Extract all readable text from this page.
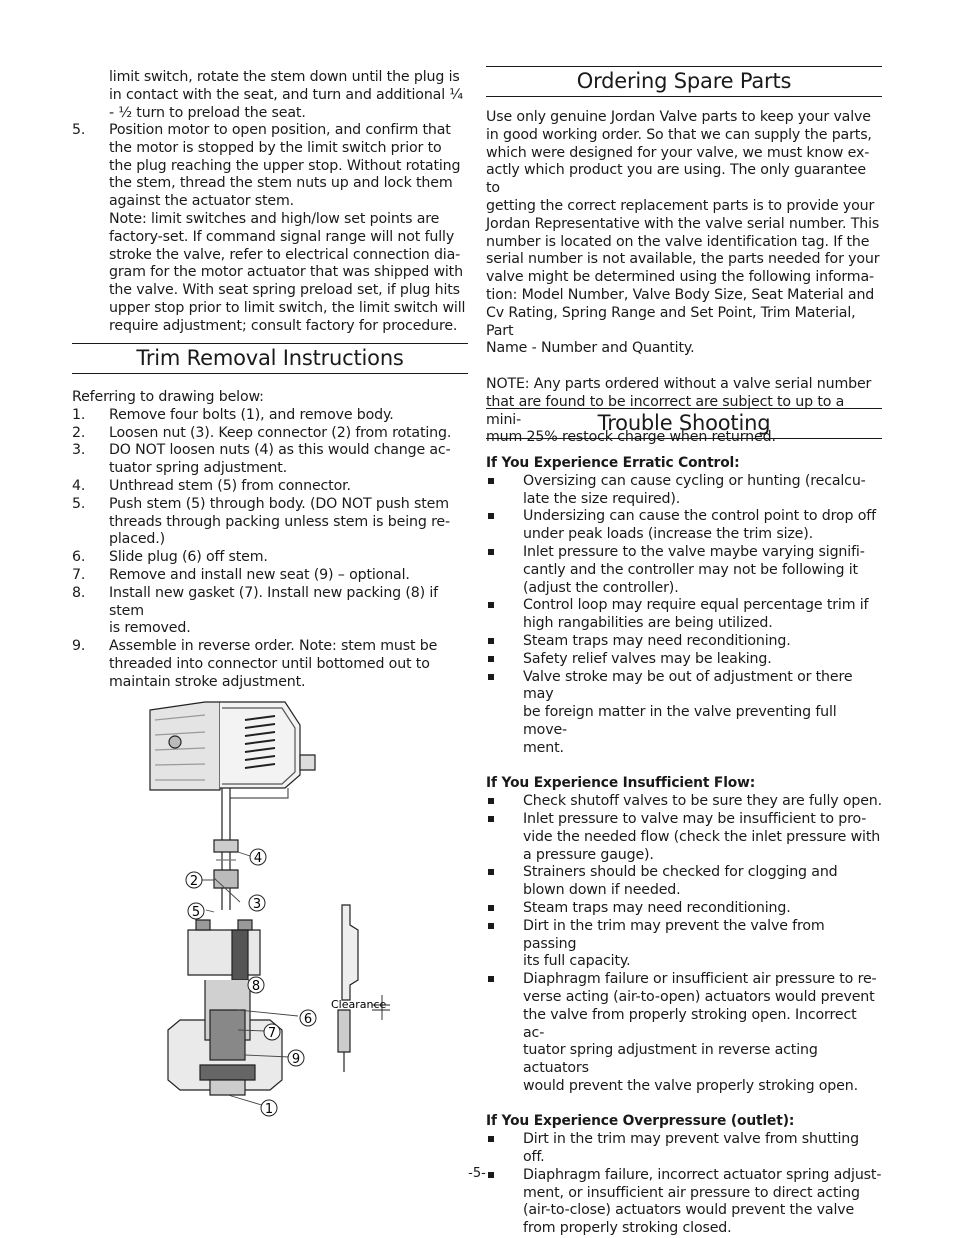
limit switch, rotate the stem down until the plug is in contact with the seat, and turn and additional ¼ - ½ turn to preload the seat.
5. Position motor to open position, and confirm that
the motor is stopped by the limit switch prior to
the plug reaching the upper stop. Without rotating
the stem, thread the stem nuts up and lock them
against the actuator stem.
Note: limit switches and high/low set points are
factory-set. If command signal range will not fully
stroke the valve, refer to electrical connection dia-
gram for the motor actuator that was shipped with
the valve. With seat spring preload set, if plug hits
upper stop prior to limit switch, the limit switch will
require adjustment; consult factory for procedure.
Trim Removal Instructions
Referring to drawing below:
1. Remove four bolts (1), and remove body.
2. Loosen nut (3). Keep connector (2) from rotating.
3. DO NOT loosen nuts (4) as this would change ac-
tuator spring adjustment.
4. Unthread stem (5) from connector.
5. Push stem (5) through body. (DO NOT push stem
threads through packing unless stem is being re-
placed.)
6. Slide plug (6) off stem.
7. Remove and install new seat (9) – optional.
8. Install new gasket (7). Install new packing (8) if stem
is removed.
9. Assemble in reverse order. Note: stem must be
threaded into connector until bottomed out to
maintain stroke adjustment.
4
2
3
5
8
6
7
9
1
Clearance
Ordering Spare Parts
Use only genuine Jordan Valve parts to keep your valve
in good working order. So that we can supply the parts,
which were designed for your valve, we must know ex-
actly which product you are using. The only guarantee to
getting the correct replacement parts is to provide your
Jordan Representative with the valve serial number. This
number is located on the valve identification tag. If the
serial number is not available, the parts needed for your
valve might be determined using the following informa-
tion: Model Number, Valve Body Size, Seat Material and
Cv Rating, Spring Range and Set Point, Trim Material, Part
Name - Number and Quantity.
NOTE: Any parts ordered without a valve serial number
that are found to be incorrect are subject to up to a mini-
mum 25% restock charge when returned.
Trouble Shooting
If You Experience Erratic Control:
Oversizing can cause cycling or hunting (recalcu-
late the size required).
Undersizing can cause the control point to drop off
under peak loads (increase the trim size).
Inlet pressure to the valve maybe varying signifi-
cantly and the controller may not be following it
(adjust the controller).
Control loop may require equal percentage trim if
high rangabilities are being utilized.
Steam traps may need reconditioning.
Safety relief valves may be leaking.
Valve stroke may be out of adjustment or there may
be foreign matter in the valve preventing full move-
ment.
If You Experience Insufficient Flow:
Check shutoff valves to be sure they are fully open.
Inlet pressure to valve may be insufficient to pro-
vide the needed flow (check the inlet pressure with
a pressure gauge).
Strainers should be checked for clogging and
blown down if needed.
Steam traps may need reconditioning.
Dirt in the trim may prevent the valve from passing
its full capacity.
Diaphragm failure or insufficient air pressure to re-
verse acting (air-to-open) actuators would prevent
the valve from properly stroking open. Incorrect ac-
tuator spring adjustment in reverse acting actuators
would prevent the valve properly stroking open.
If You Experience Overpressure (outlet):
Dirt in the trim may prevent valve from shutting off.
Diaphragm failure, incorrect actuator spring adjust-
ment, or insufficient air pressure to direct acting
(air-to-close) actuators would prevent the valve
from properly stroking closed.
-5-
